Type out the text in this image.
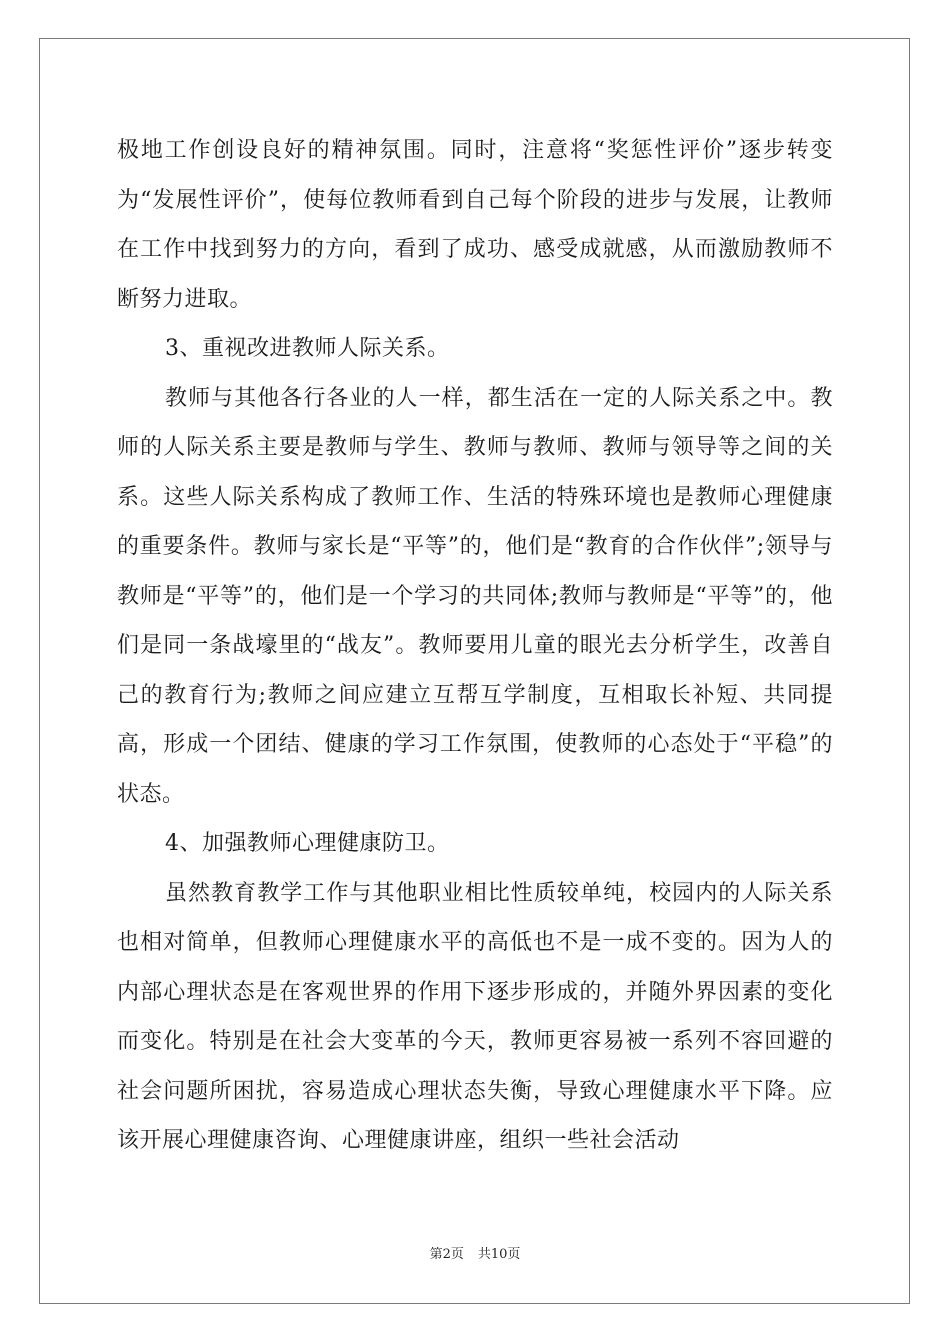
极地工作创设良好的精神氛围。同时，注意将“奖惩性评价”逐步转变为“发展性评价”，使每位教师看到自己每个阶段的进步与发展，让教师在工作中找到努力的方向，看到了成功、感受成就感，从而激励教师不断努力进取。

3、重视改进教师人际关系。

教师与其他各行各业的人一样，都生活在一定的人际关系之中。教师的人际关系主要是教师与学生、教师与教师、教师与领导等之间的关系。这些人际关系构成了教师工作、生活的特殊环境也是教师心理健康的重要条件。教师与家长是“平等”的，他们是“教育的合作伙伴”;领导与教师是“平等”的，他们是一个学习的共同体;教师与教师是“平等”的，他们是同一条战壕里的“战友”。教师要用儿童的眼光去分析学生，改善自己的教育行为;教师之间应建立互帮互学制度，互相取长补短、共同提高，形成一个团结、健康的学习工作氛围，使教师的心态处于“平稳”的状态。

4、加强教师心理健康防卫。

虽然教育教学工作与其他职业相比性质较单纯，校园内的人际关系也相对简单，但教师心理健康水平的高低也不是一成不变的。因为人的内部心理状态是在客观世界的作用下逐步形成的，并随外界因素的变化而变化。特别是在社会大变革的今天，教师更容易被一系列不容回避的社会问题所困扰，容易造成心理状态失衡，导致心理健康水平下降。应该开展心理健康咨询、心理健康讲座，组织一些社会活动

第2页 共10页
